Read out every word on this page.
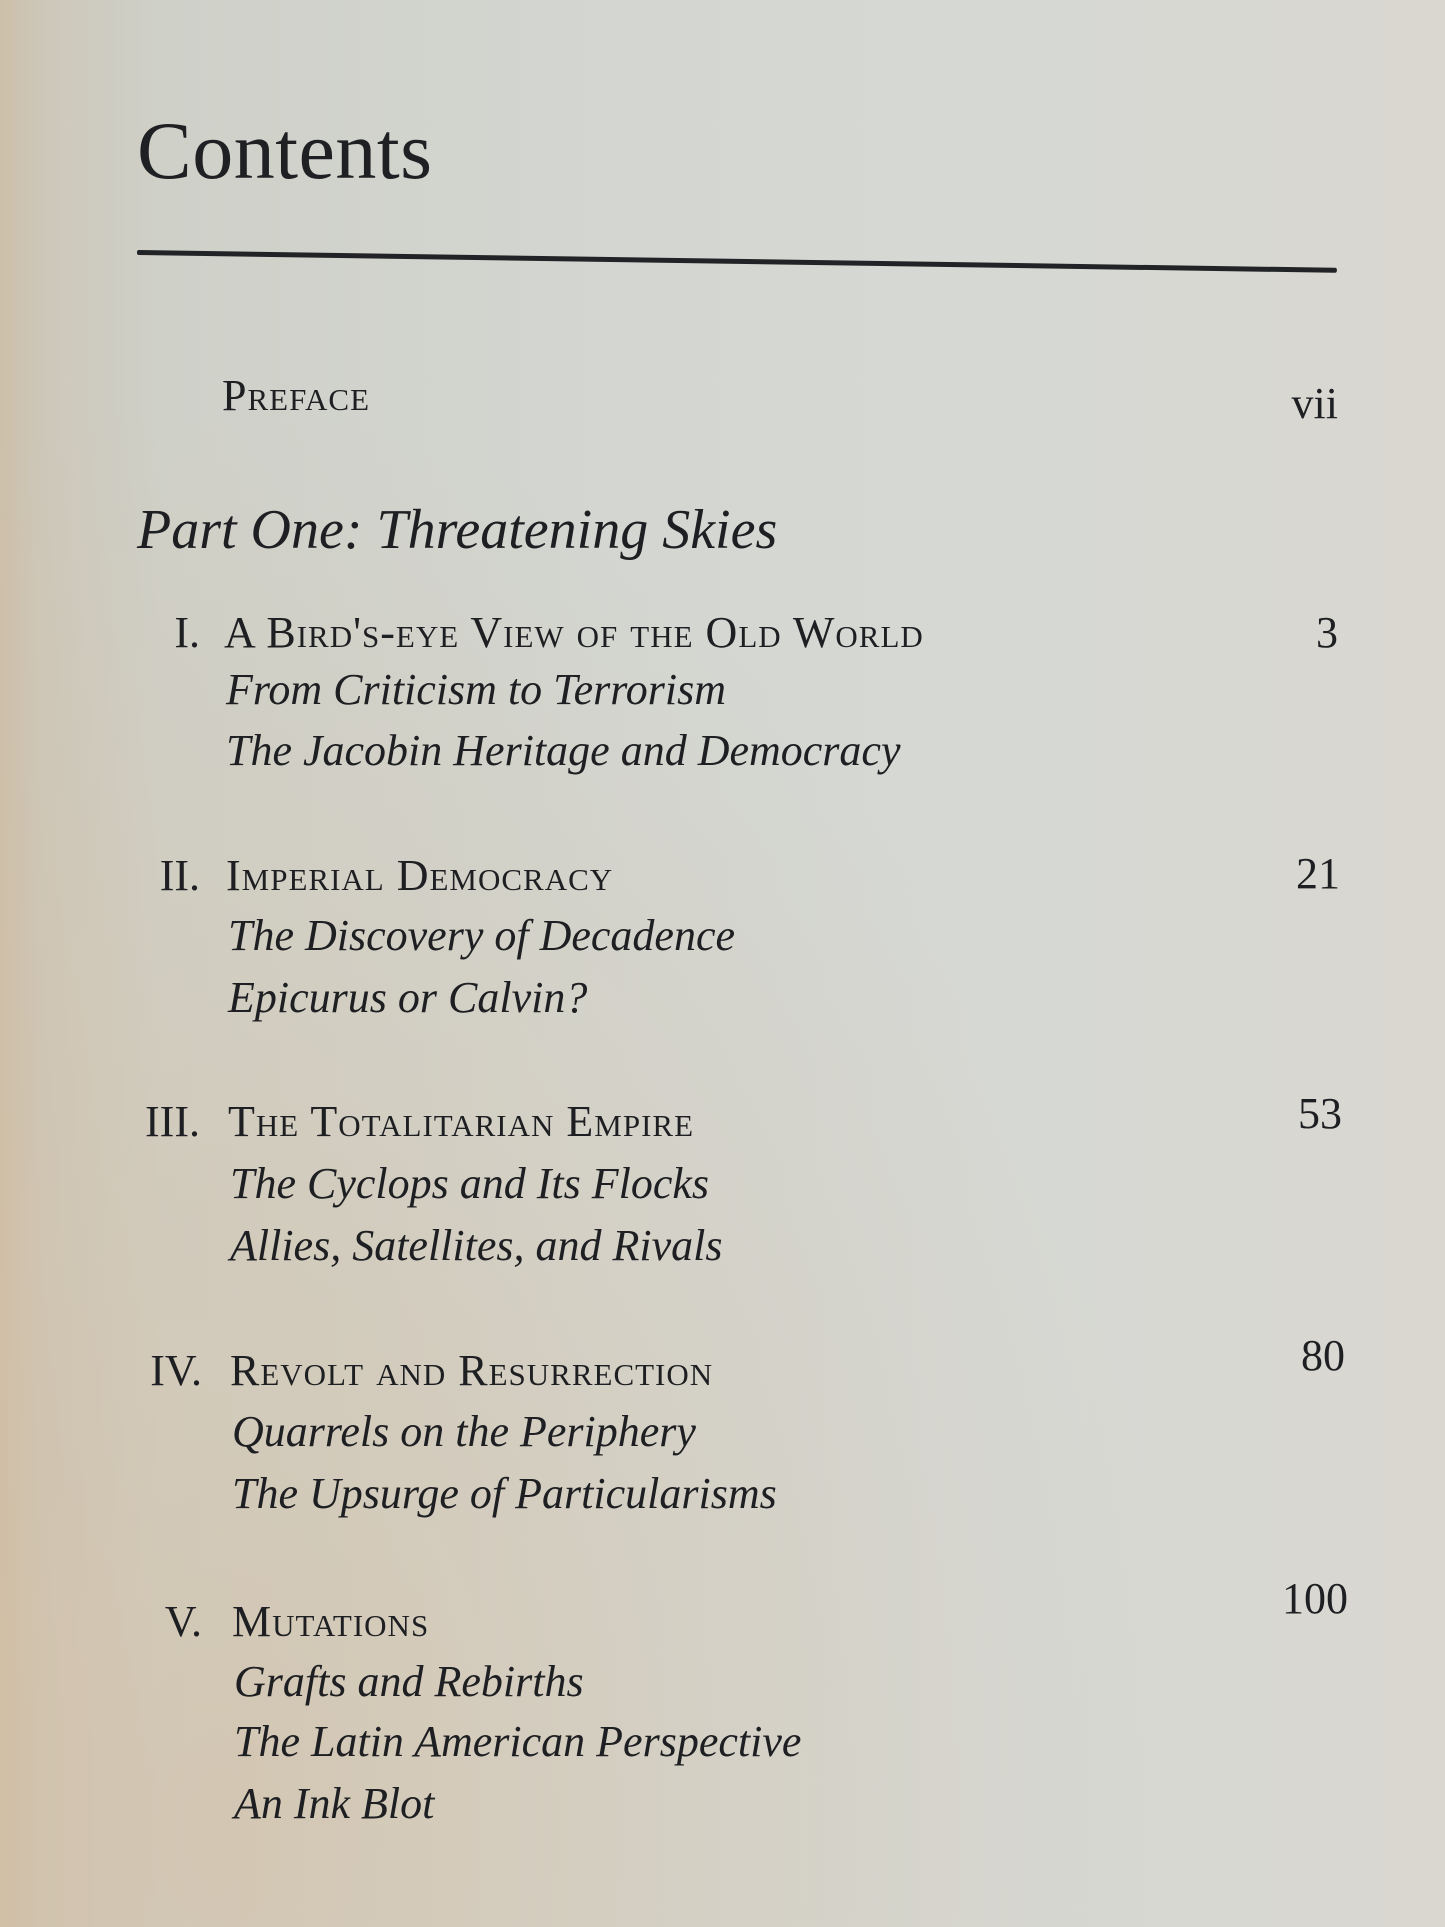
Contents
Preface	vii
Part One: Threatening Skies
I. A Bird's-eye View of the Old World	3
From Criticism to Terrorism
The Jacobin Heritage and Democracy
II. Imperial Democracy	21
The Discovery of Decadence
Epicurus or Calvin?
III. The Totalitarian Empire	53
The Cyclops and Its Flocks
Allies, Satellites, and Rivals
IV. Revolt and Resurrection	80
Quarrels on the Periphery
The Upsurge of Particularisms
V. Mutations	100
Grafts and Rebirths
The Latin American Perspective
An Ink Blot
